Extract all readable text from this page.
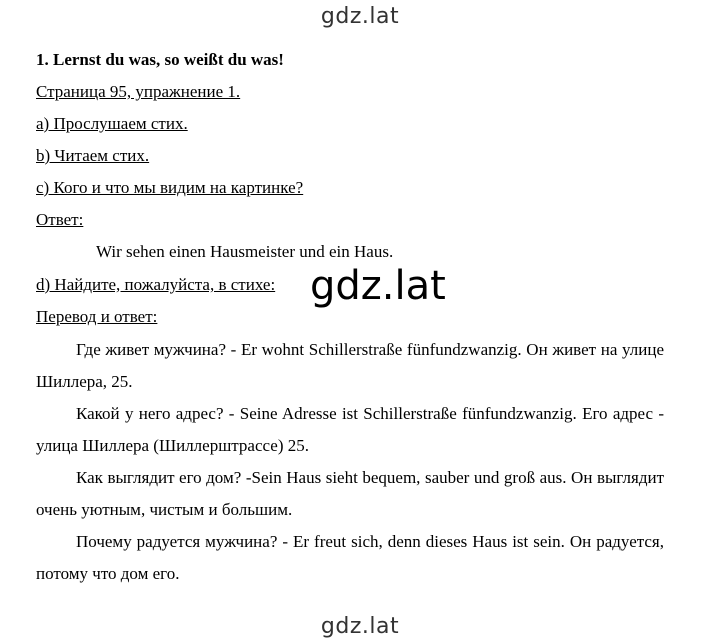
gdz.lat
1. Lernst du was, so weißt du was!
Страница 95, упражнение 1.
a) Прослушаем стих.
b) Читаем стих.
c) Кого и что мы видим на картинке?
Ответ:
Wir sehen einen Hausmeister und ein Haus.
d) Найдите, пожалуйста, в стихе:
Перевод и ответ:
Где живет мужчина? - Er wohnt Schillerstraße fünfundzwanzig. Он живет на улице Шиллера, 25.
Какой у него адрес? - Seine Adresse ist Schillerstraße fünfundzwanzig. Его адрес - улица Шиллера (Шиллерштрассе) 25.
Как выглядит его дом? -Sein Haus sieht bequem, sauber und groß aus. Он выглядит очень уютным, чистым и большим.
Почему радуется мужчина? - Er freut sich, denn dieses Haus ist sein. Он радуется, потому что дом его.
gdz.lat
gdz.lat
